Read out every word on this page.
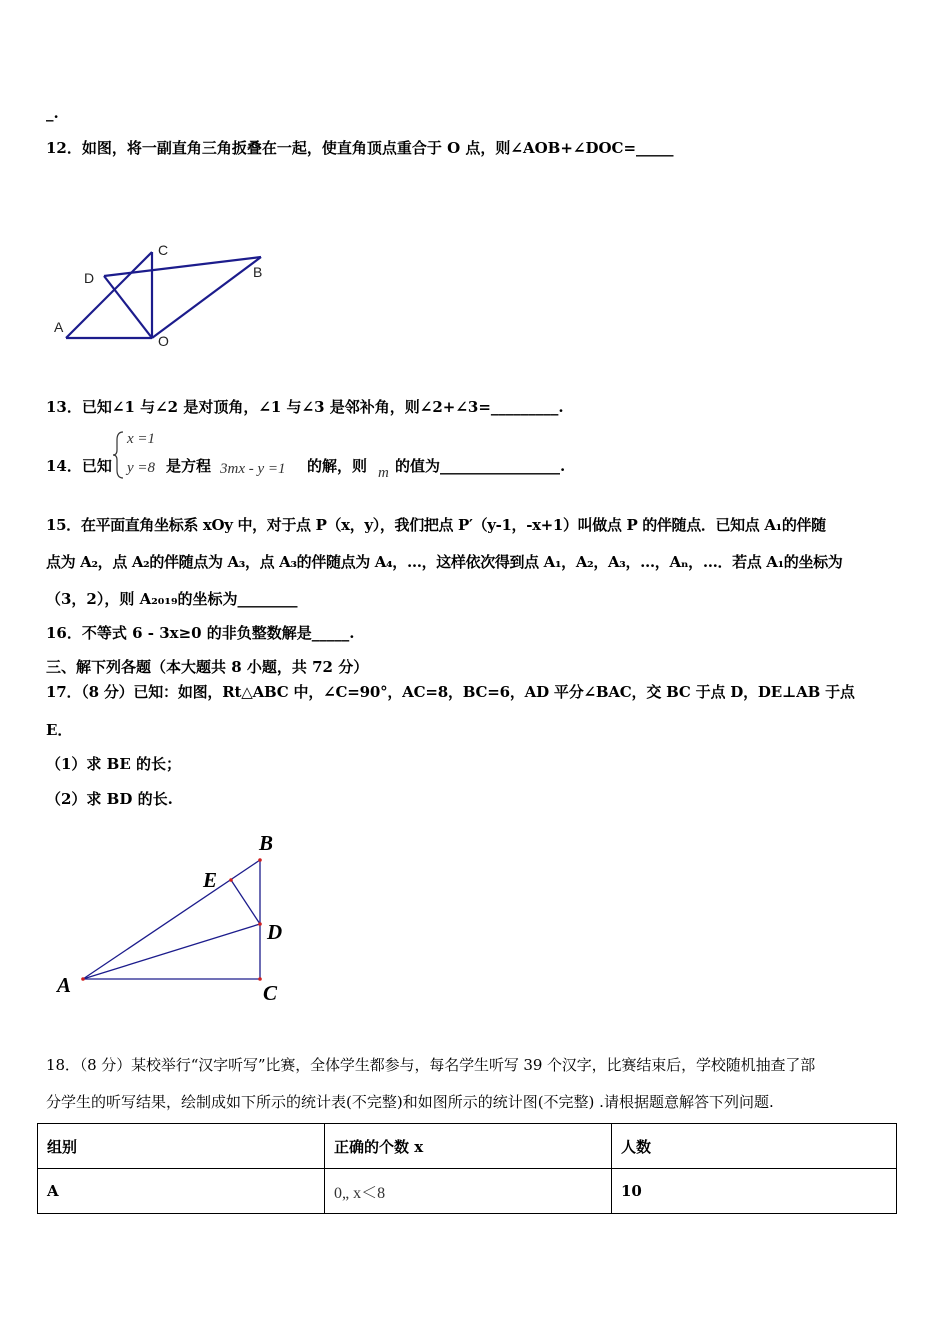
_.
12．如图，将一副直角三角扳叠在一起，使直角顶点重合于 O 点，则∠AOB+∠DOC=_____
C
D	B
A
O
13．已知∠1 与∠2 是对顶角，∠1 与∠3 是邻补角，则∠2+∠3=_________.
14．已知
x =1
y =8 是方程 3mx - y =1 的解，则 m 的值为________________.
15．在平面直角坐标系 xOy 中，对于点 P（x，y），我们把点 P′（y-1，-x+1）叫做点 P 的伴随点．已知点 A₁的伴随
点为 A₂，点 A₂的伴随点为 A₃，点 A₃的伴随点为 A₄，…，这样依次得到点 A₁，A₂，A₃，…，Aₙ，…．若点 A₁的坐标为
（3，2），则 A₂₀₁₉的坐标为________
16．不等式 6 - 3x≥0 的非负整数解是_____.
三、解下列各题（本大题共 8 小题，共 72 分）
17．（8 分）已知：如图，Rt△ABC 中，∠C=90°，AC=8，BC=6，AD 平分∠BAC，交 BC 于点 D，DE⊥AB 于点
E．
（1）求 BE 的长；
（2）求 BD 的长.
B
E
D
A	C
18．（8 分）某校举行“汉字听写”比赛，全体学生都参与，每名学生听写 39 个汉字，比赛结束后，学校随机抽查了部
分学生的听写结果，绘制成如下所示的统计表(不完整)和如图所示的统计图(不完整) .请根据题意解答下列问题.
组别	正确的个数 x	人数
A	0„ x＜8	10
